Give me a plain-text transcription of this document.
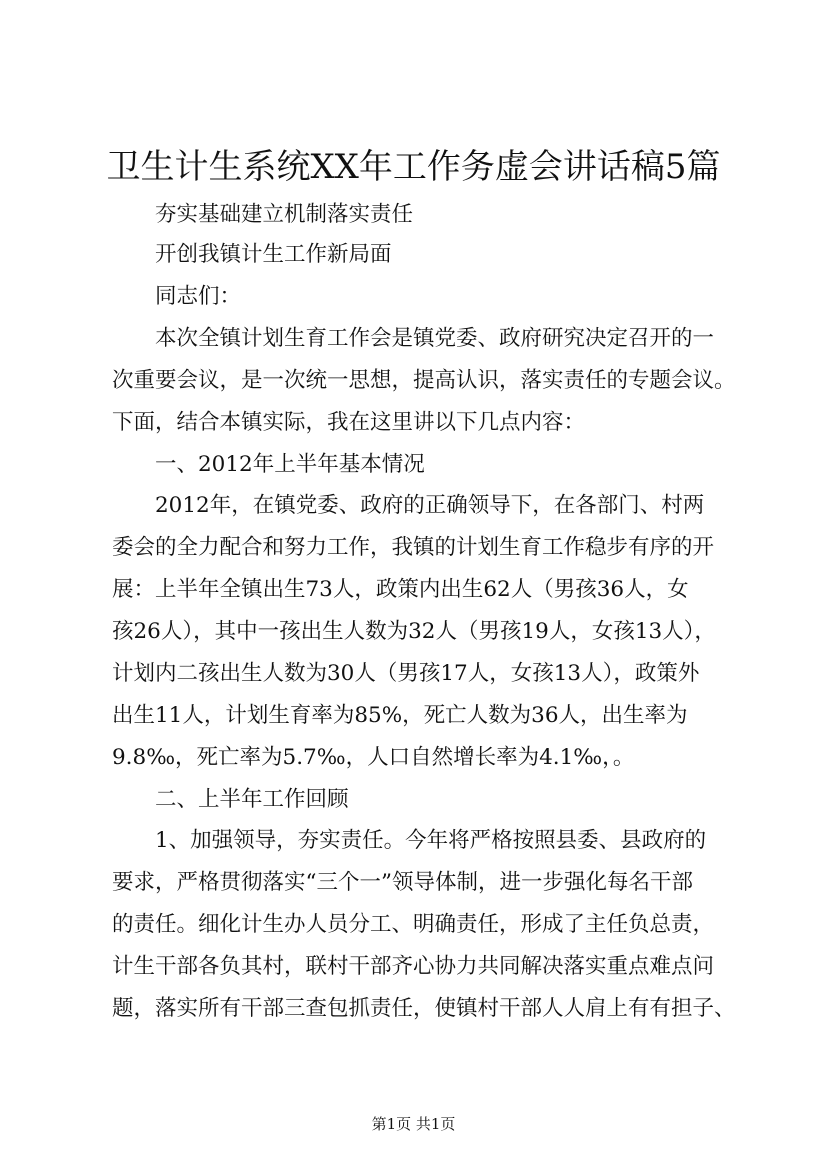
卫生计生系统XX年工作务虚会讲话稿5篇
夯实基础建立机制落实责任
开创我镇计生工作新局面
同志们：
本次全镇计划生育工作会是镇党委、政府研究决定召开的一
次重要会议，是一次统一思想，提高认识，落实责任的专题会议。
下面，结合本镇实际，我在这里讲以下几点内容：
一、2012年上半年基本情况
2012年，在镇党委、政府的正确领导下，在各部门、村两
委会的全力配合和努力工作，我镇的计划生育工作稳步有序的开
展：上半年全镇出生73人，政策内出生62人（男孩36人，女
孩26人），其中一孩出生人数为32人（男孩19人，女孩13人），
计划内二孩出生人数为30人（男孩17人，女孩13人），政策外
出生11人，计划生育率为85%，死亡人数为36人，出生率为
9.8‰，死亡率为5.7‰，人口自然增长率为4.1‰，。
二、上半年工作回顾
1、加强领导，夯实责任。今年将严格按照县委、县政府的
要求，严格贯彻落实“三个一”领导体制，进一步强化每名干部
的责任。细化计生办人员分工、明确责任，形成了主任负总责，
计生干部各负其村，联村干部齐心协力共同解决落实重点难点问
题，落实所有干部三查包抓责任，使镇村干部人人肩上有有担子、
第1页 共1页
